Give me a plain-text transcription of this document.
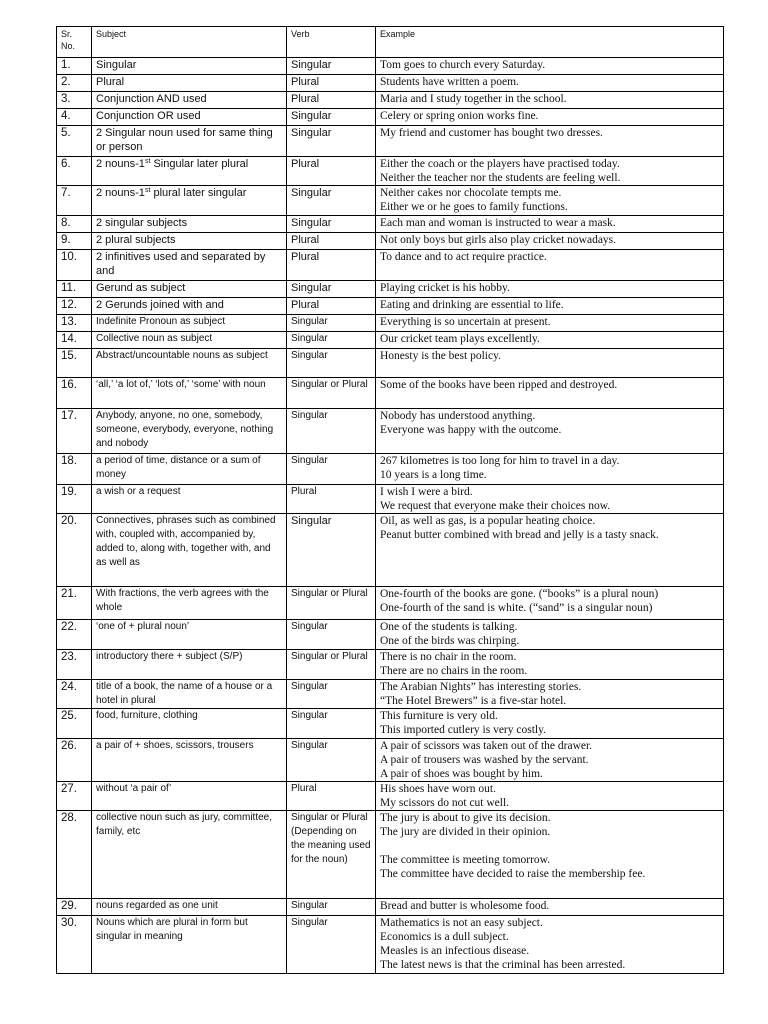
Sr. No.	Subject	Verb	Example
1.	Singular	Singular	Tom goes to church every Saturday.

2.	Plural	Plural	Students have written a poem.

3.	Conjunction AND used	Plural	Maria and I study together in the school.

4.	Conjunction OR used	Singular	Celery or spring onion works fine.

5.	2 Singular noun used for same thing or person	Singular	My friend and customer has bought two dresses.

6.	2 nouns-1st Singular later plural	Plural	Either the coach or the players have practised today.
Neither the teacher nor the students are feeling well.

7.	2 nouns-1st plural later singular	Singular	Neither cakes nor chocolate tempts me.
Either we or he goes to family functions.

8.	2 singular subjects	Singular	Each man and woman is instructed to wear a mask.

9.	2 plural subjects	Plural	Not only boys but girls also play cricket nowadays.

10.	2 infinitives used and separated by and	Plural	To dance and to act require practice.

11.	Gerund as subject	Singular	Playing cricket is his hobby.

12.	2 Gerunds joined with and	Plural	Eating and drinking are essential to life.

13.	Indefinite Pronoun as subject	Singular	Everything is so uncertain at present.

14.	Collective noun as subject	Singular	Our cricket team plays excellently.

15.	Abstract/uncountable nouns as subject	Singular	Honesty is the best policy.

16.	‘all,’ ‘a lot of,’ ‘lots of,’ ‘some’ with noun	Singular or Plural	Some of the books have been ripped and destroyed.

17.	Anybody, anyone, no one, somebody, someone, everybody, everyone, nothing and nobody	Singular	Nobody has understood anything.
Everyone was happy with the outcome.

18.	a period of time, distance or a sum of money	Singular	267 kilometres is too long for him to travel in a day.
10 years is a long time.

19.	a wish or a request	Plural	I wish I were a bird.
We request that everyone make their choices now.

20.	Connectives, phrases such as combined with, coupled with, accompanied by, added to, along with, together with, and as well as	Singular	Oil, as well as gas, is a popular heating choice.
Peanut butter combined with bread and jelly is a tasty snack.

21.	With fractions, the verb agrees with the whole	Singular or Plural	One-fourth of the books are gone. (“books” is a plural noun)
One-fourth of the sand is white. (“sand” is a singular noun)

22.	‘one of + plural noun’	Singular	One of the students is talking.
One of the birds was chirping.

23.	introductory there + subject (S/P)	Singular or Plural	There is no chair in the room.
There are no chairs in the room.

24.	title of a book, the name of a house or a hotel in plural	Singular	The Arabian Nights” has interesting stories.
“The Hotel Brewers” is a five-star hotel.

25.	food, furniture, clothing	Singular	This furniture is very old.
This imported cutlery is very costly.

26.	a pair of + shoes, scissors, trousers	Singular	A pair of scissors was taken out of the drawer.
A pair of trousers was washed by the servant.
A pair of shoes was bought by him.

27.	without ‘a pair of’	Plural	His shoes have worn out.
My scissors do not cut well.

28.	collective noun such as jury, committee, family, etc	Singular or Plural (Depending on the meaning used for the noun)	The jury is about to give its decision.
The jury are divided in their opinion.
The committee is meeting tomorrow.
The committee have decided to raise the membership fee.

29.	nouns regarded as one unit	Singular	Bread and butter is wholesome food.

30.	Nouns which are plural in form but singular in meaning	Singular	Mathematics is not an easy subject.
Economics is a dull subject.
Measles is an infectious disease.
The latest news is that the criminal has been arrested.
